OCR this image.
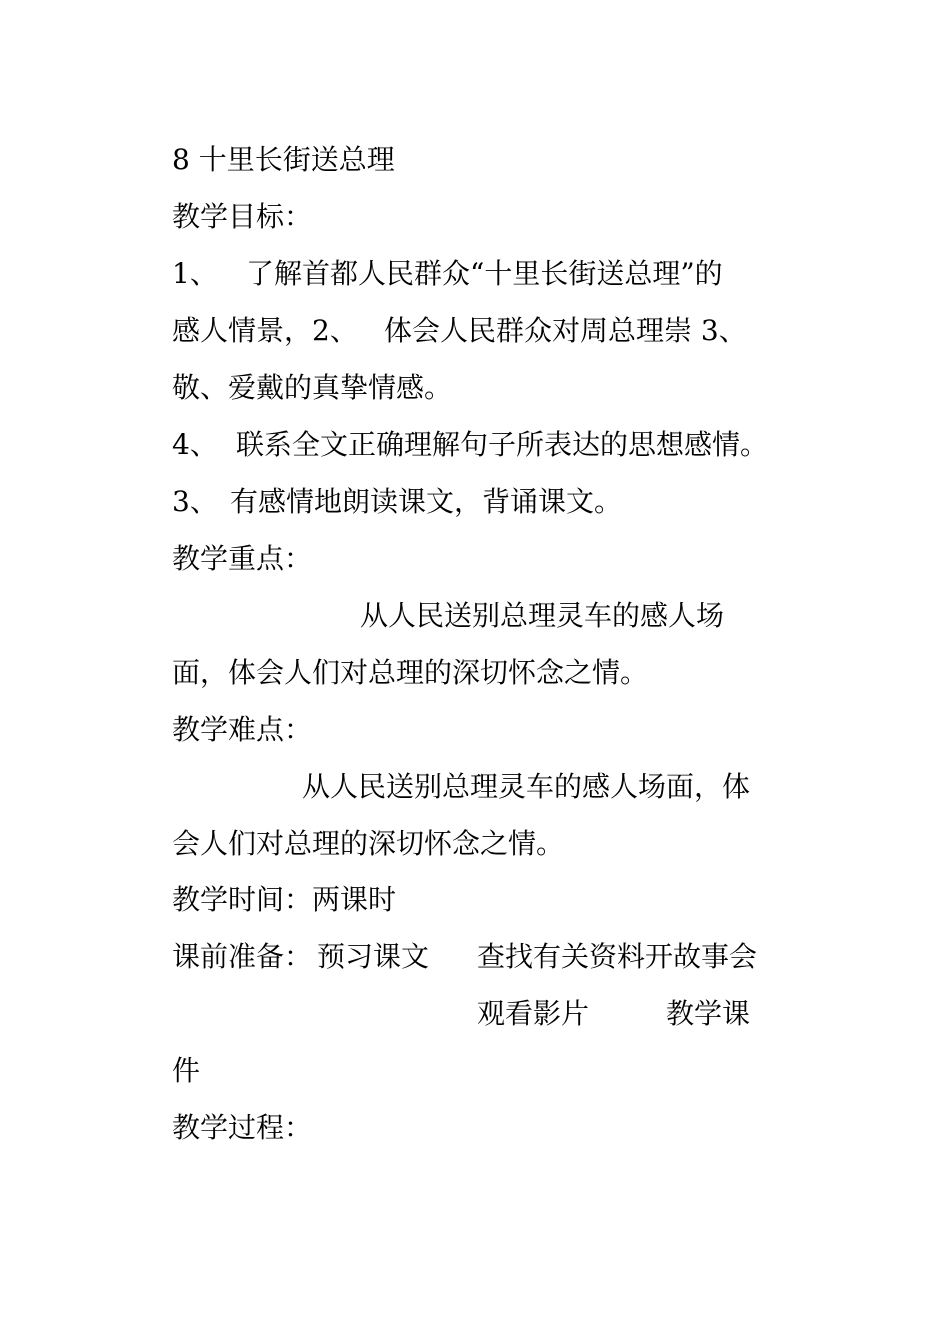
8 十里长街送总理
教学目标：

1、

了解首都人民群众“十里长街送总理”的

感人情景，2、

体会人民群众对周总理崇 3、

敬、爱戴的真挚情感。

4、

联系全文正确理解句子所表达的思想感情。

3、

有感情地朗读课文，背诵课文。

教学重点：

从人民送别总理灵车的感人场

面，体会人们对总理的深切怀念之情。
教学难点：

从人民送别总理灵车的感人场面，体

会人们对总理的深切怀念之情。
教学时间：两课时

课前准备：

预习课文

查找有关资料开故事会

观看影片

	教学课

件
教学过程：
